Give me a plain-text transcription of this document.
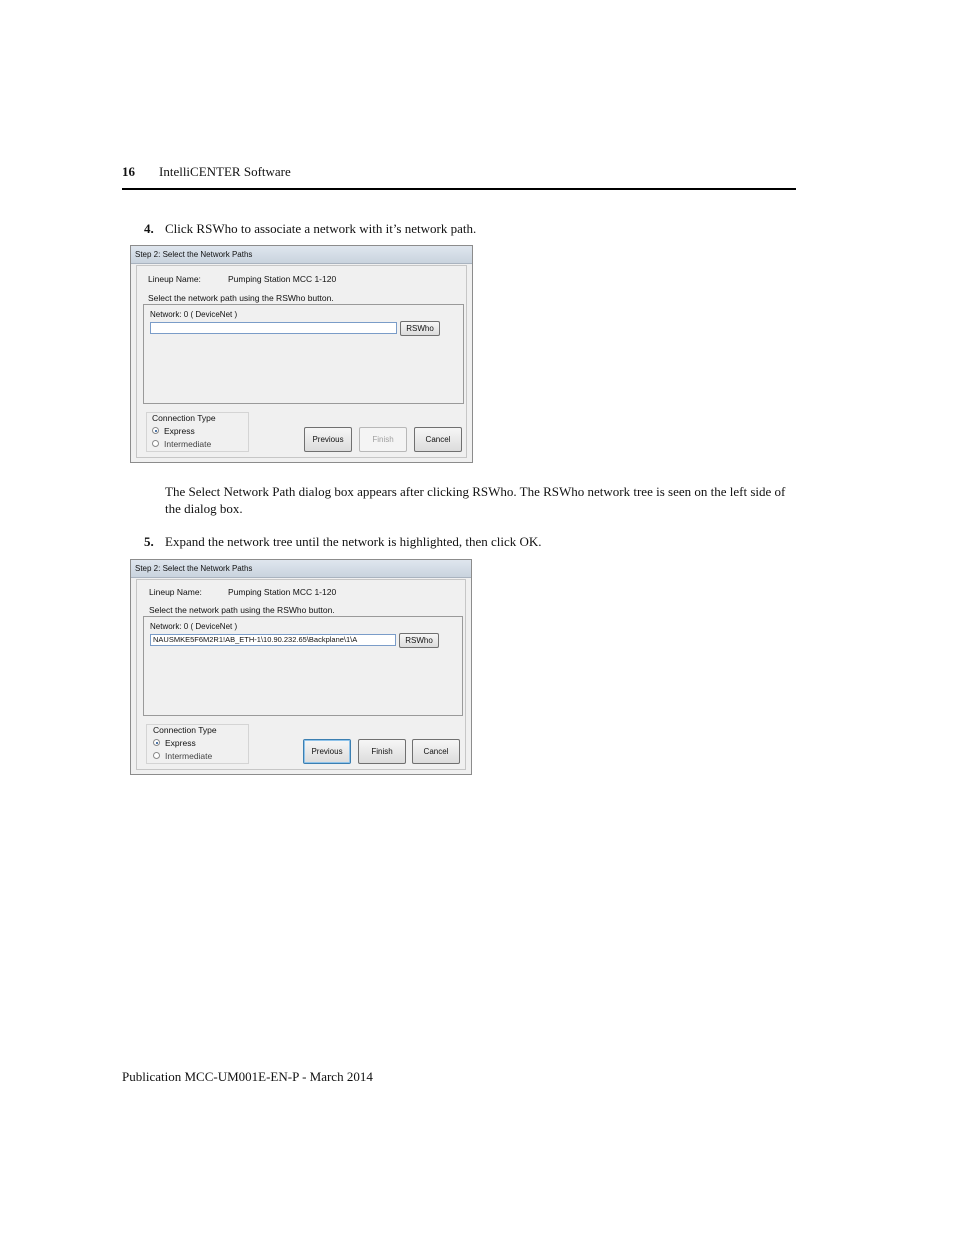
16 IntelliCENTER Software
4. Click RSWho to associate a network with it’s network path.
Step 2: Select the Network Paths
Lineup Name:	Pumping Station MCC 1-120
Select the network path using the RSWho button.
Network: 0 ( DeviceNet )
RSWho
Connection Type
Express
Intermediate	Previous	Finish	Cancel
The Select Network Path dialog box appears after clicking RSWho. The RSWho network tree is seen on the left side of the dialog box.
5. Expand the network tree until the network is highlighted, then click OK.
Step 2: Select the Network Paths
Lineup Name:	Pumping Station MCC 1-120
Select the network path using the RSWho button.
Network: 0 ( DeviceNet )
NAUSMKE5F6M2R1!AB_ETH-1\10.90.232.65\Backplane\1\A	RSWho
Connection Type
Express
Intermediate	Previous	Finish	Cancel
Publication MCC-UM001E-EN-P - March 2014
